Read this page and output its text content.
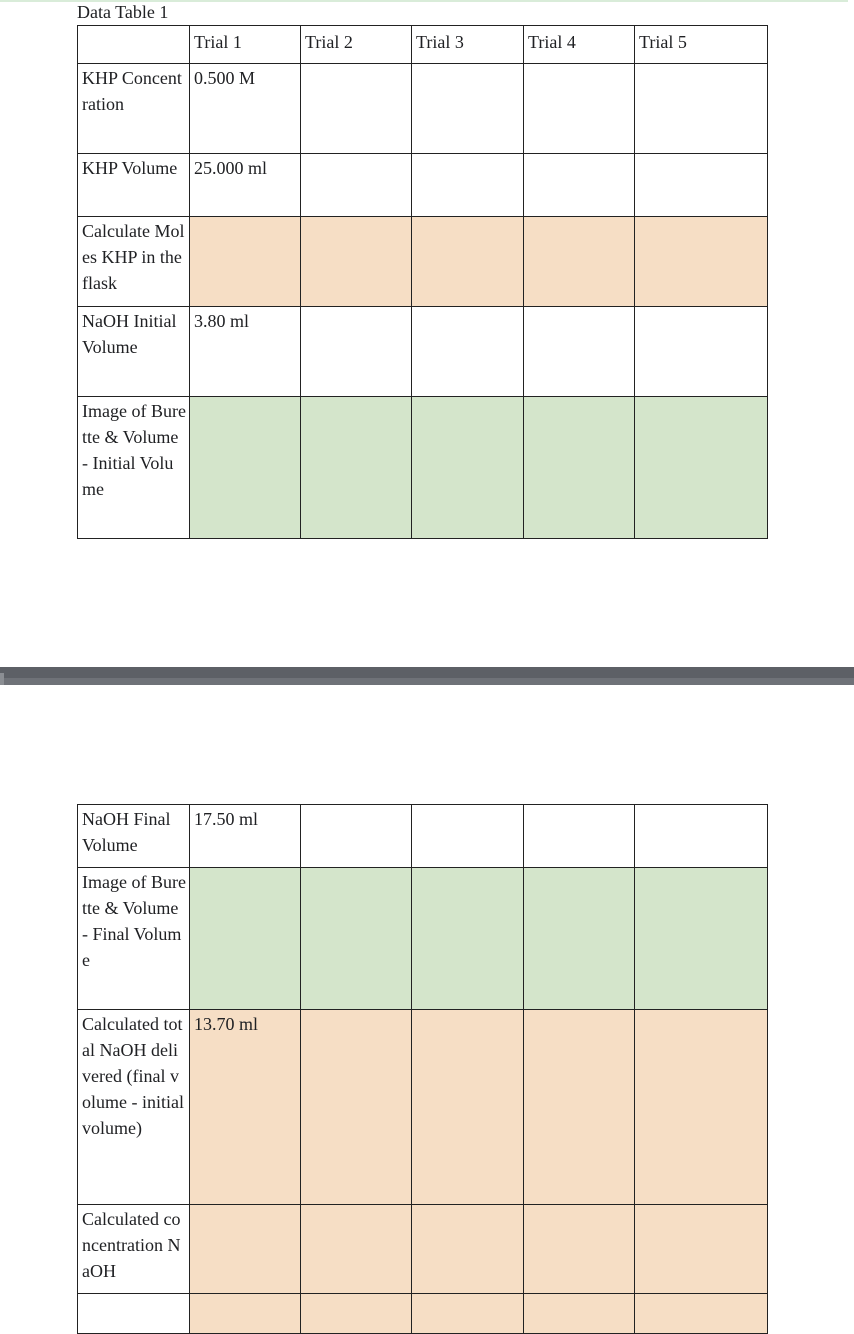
Data Table 1
	Trial 1	Trial 2	Trial 3	Trial 4	Trial 5
KHP Concentration	0.500 M				
KHP Volume	25.000 ml				
Calculate Moles KHP in the flask					
NaOH Initial Volume	3.80 ml				
Image of Burette & Volume - Initial Volume					
NaOH Final Volume	17.50 ml				
Image of Burette & Volume - Final Volume					
Calculated total NaOH delivered (final volume - initial volume)	13.70 ml				
Calculated concentration NaOH					
